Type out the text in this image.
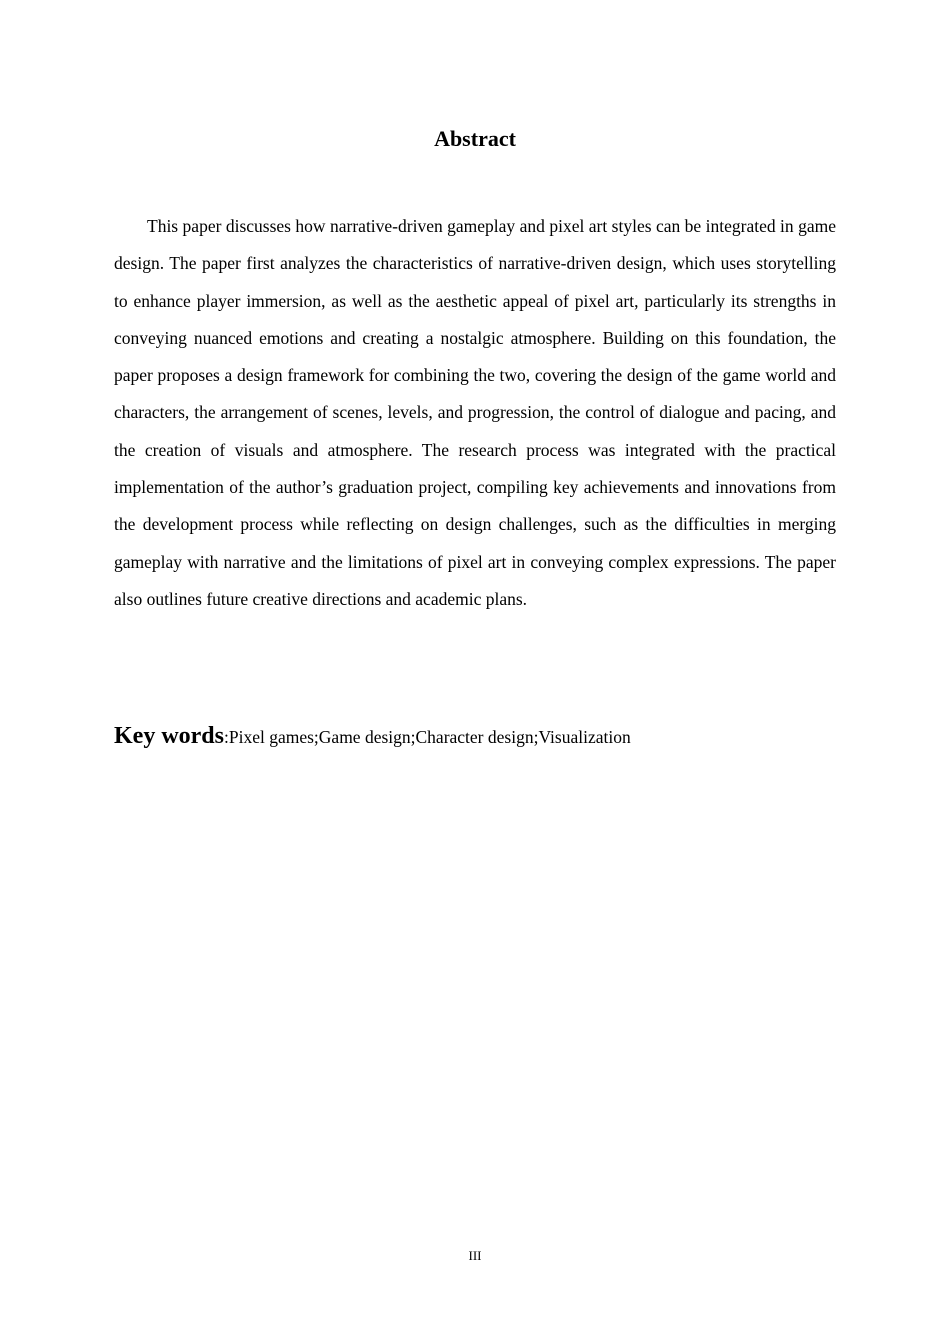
Abstract

This paper discusses how narrative-driven gameplay and pixel art styles can be integrated in game design. The paper first analyzes the characteristics of narrative-driven design, which uses storytelling to enhance player immersion, as well as the aesthetic appeal of pixel art, particularly its strengths in conveying nuanced emotions and creating a nostalgic atmosphere. Building on this foundation, the paper proposes a design framework for combining the two, covering the design of the game world and characters, the arrangement of scenes, levels, and progression, the control of dialogue and pacing, and the creation of visuals and atmosphere. The research process was integrated with the practical implementation of the author’s graduation project, compiling key achievements and innovations from the development process while reflecting on design challenges, such as the difficulties in merging gameplay with narrative and the limitations of pixel art in conveying complex expressions. The paper also outlines future creative directions and academic plans.

Key words:Pixel games;Game design;Character design;Visualization

III
